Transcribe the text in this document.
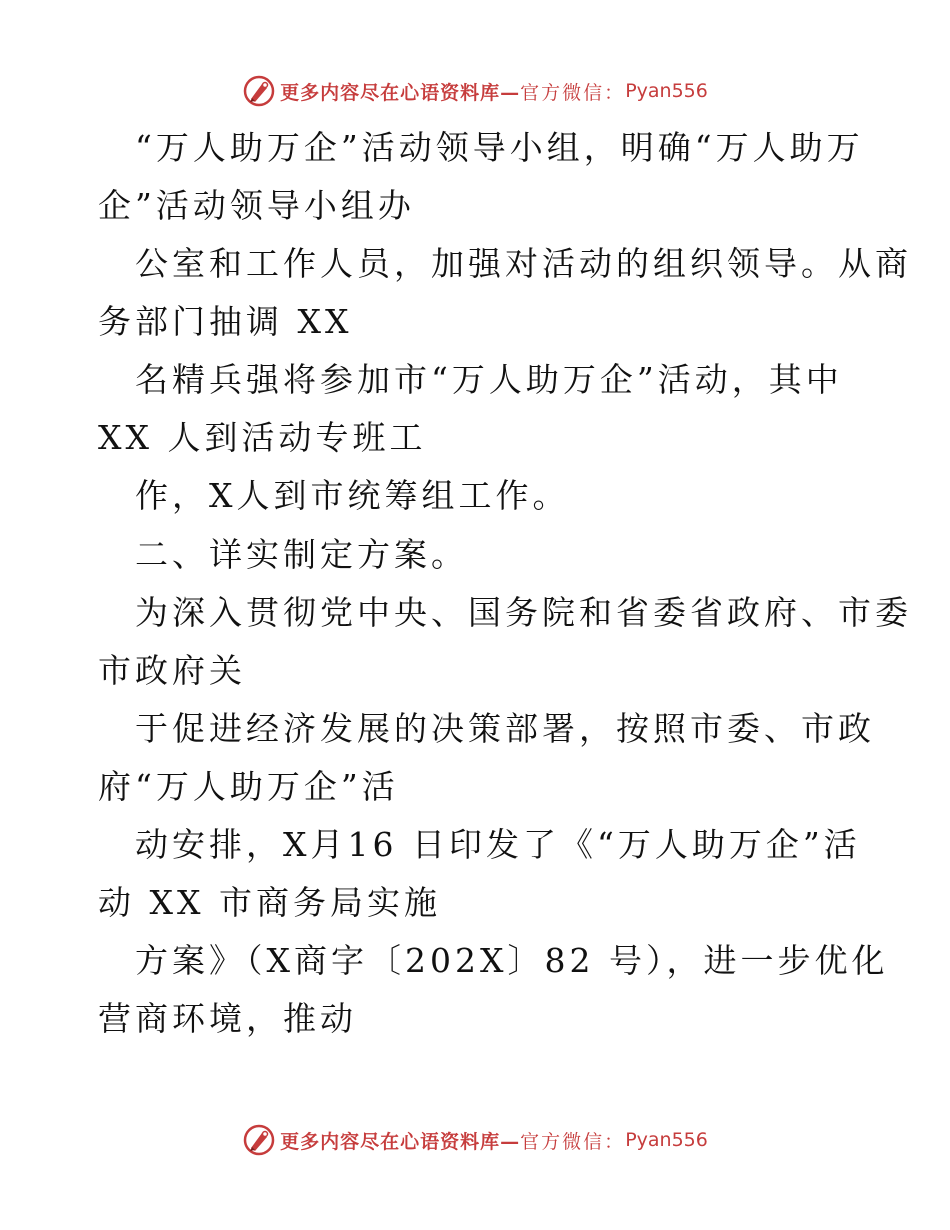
更多内容尽在心语资料库— 官方微信： Pyan556
“万人助万企”活动领导小组，明确“万人助万
企”活动领导小组办
公室和工作人员，加强对活动的组织领导。从商
务部门抽调 XX
名精兵强将参加市“万人助万企”活动，其中
XX 人到活动专班工
作，X人到市统筹组工作。
二、详实制定方案。
为深入贯彻党中央、国务院和省委省政府、市委
市政府关
于促进经济发展的决策部署，按照市委、市政
府“万人助万企”活
动安排，X月16 日印发了《“万人助万企”活
动 XX 市商务局实施
方案》（X商字〔202X〕82 号），进一步优化
营商环境，推动
更多内容尽在心语资料库— 官方微信： Pyan556
